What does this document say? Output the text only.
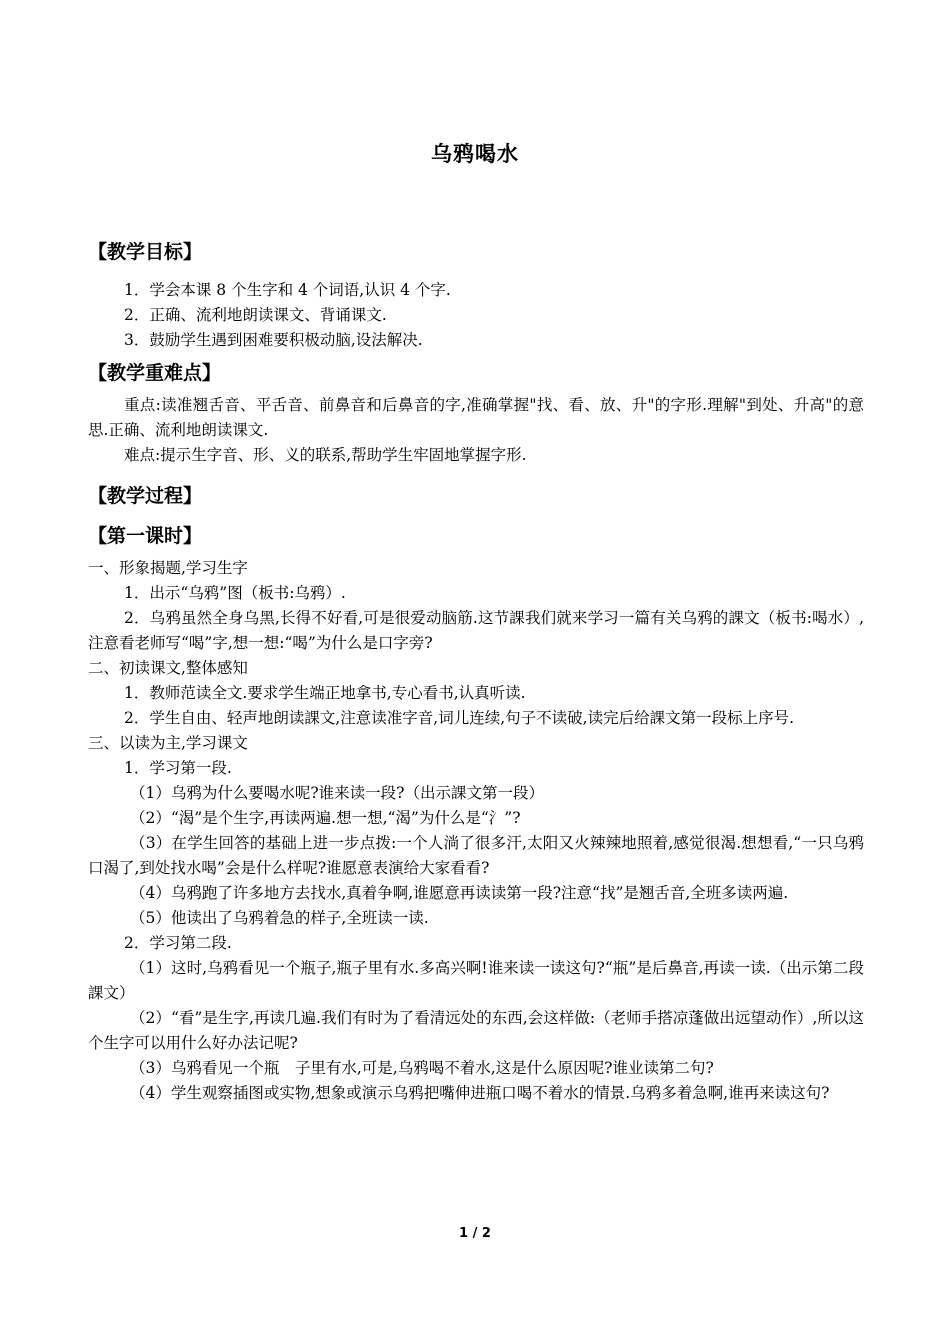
乌鸦喝水
【教学目标】

1．学会本课 8 个生字和 4 个词语,认识 4 个字.

2．正确、流利地朗读课文、背诵课文.

3．鼓励学生遇到困难要积极动脑,设法解决.

【教学重难点】

重点:读准翘舌音、平舌音、前鼻音和后鼻音的字,准确掌握"找、看、放、升"的字形.理解"到处、升高"的意思.正确、流利地朗读课文.

难点:提示生字音、形、义的联系,帮助学生牢固地掌握字形.

【教学过程】
【第一课时】

一、形象揭题,学习生字

1．出示“乌鸦”图（板书:乌鸦）.

2．乌鸦虽然全身乌黑,长得不好看,可是很爱动脑筋.这节課我们就来学习一篇有关乌鸦的課文（板书:喝水）,注意看老师写“喝”字,想一想:“喝”为什么是口字旁?

二、初读课文,整体感知

1．教师范读全文.要求学生端正地拿书,专心看书,认真听读.

2．学生自由、轻声地朗读課文,注意读准字音,词儿连续,句子不读破,读完后给課文第一段标上序号.

三、以读为主,学习课文

1．学习第一段.

（1）乌鸦为什么要喝水呢?谁来读一段?（出示課文第一段）

（2）“渴”是个生字,再读两遍.想一想,“渴”为什么是“氵”?

（3）在学生回答的基础上进一步点拨:一个人淌了很多汗,太阳又火辣辣地照着,感觉很渴.想想看,“一只乌鸦口渴了,到处找水喝”会是什么样呢?谁愿意表演给大家看看?

（4）乌鸦跑了许多地方去找水,真着争啊,谁愿意再读读第一段?注意“找”是翘舌音,全班多读两遍.

（5）他读出了乌鸦着急的样子,全班读一读.

2．学习第二段.

（1）这时,乌鸦看见一个瓶子,瓶子里有水.多高兴啊!谁来读一读这句?“瓶”是后鼻音,再读一读.（出示第二段課文）

（2）“看”是生字,再读几遍.我们有时为了看清远处的东西,会这样做:（老师手搭凉蓬做出远望动作）,所以这个生字可以用什么好办法记呢?

（3）乌鸦看见一个瓶　子里有水,可是,乌鸦喝不着水,这是什么原因呢?谁业读第二句?

（4）学生观察插图或实物,想象或演示乌鸦把嘴伸进瓶口喝不着水的情景.乌鸦多着急啊,谁再来读这句?

1 / 2
